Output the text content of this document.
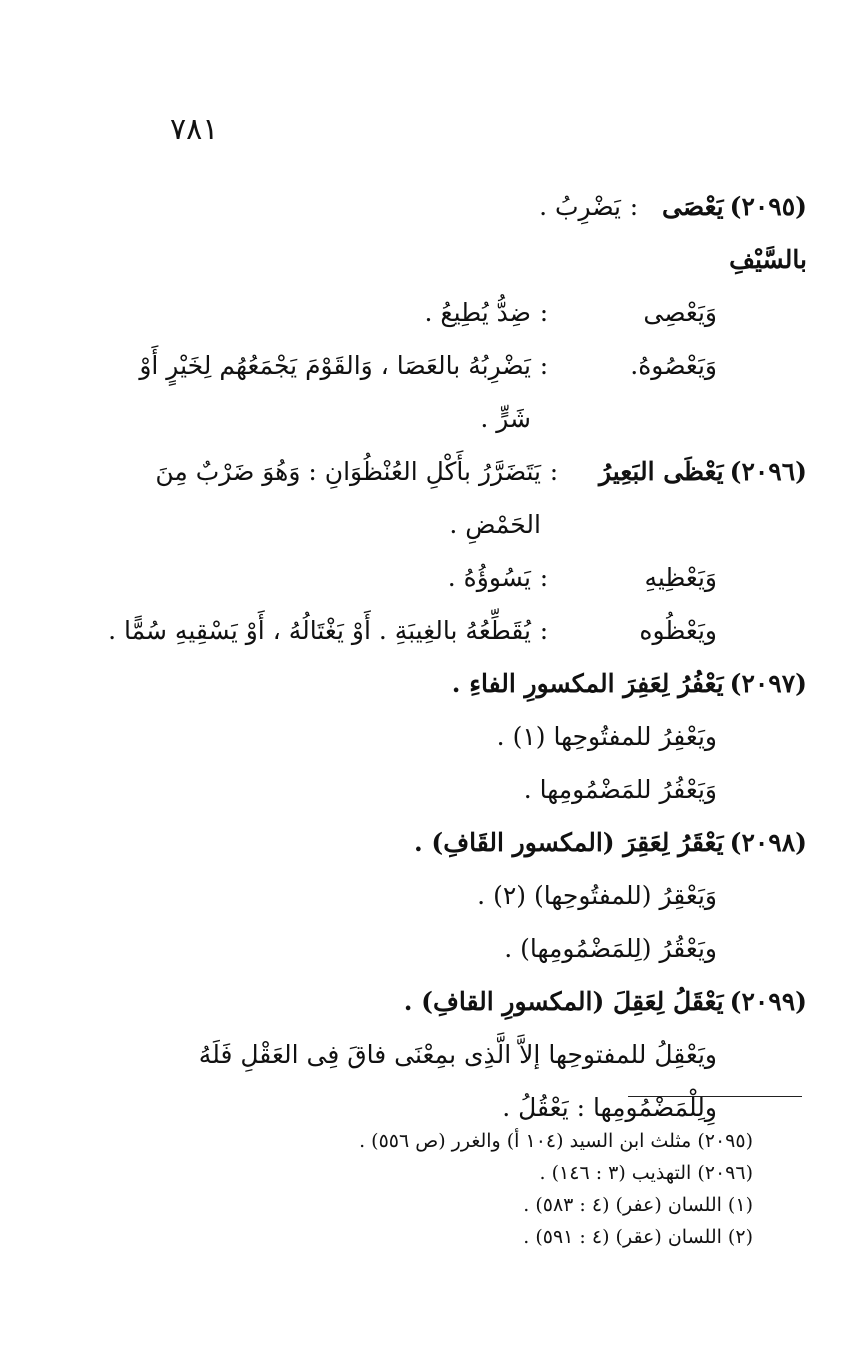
٧٨١
(٢٠٩٥)يَعْصَى بالسَّيْفِ
:
يَضْرِبُ .
وَيَعْصِى
:
ضِدُّ يُطِيعُ .
وَيَعْصُوهُ.
:
يَضْرِبُهُ بالعَصَا ، وَالقَوْمَ يَجْمَعُهُم لِخَيْرٍ أَوْ شَرٍّ .
(٢٠٩٦)يَعْظَى البَعِيرُ
:
يَتَضَرَّرُ بأَكْلِ العُنْظُوَانِ : وَهُوَ ضَرْبٌ مِنَ الحَمْضِ .
وَيَعْظِيهِ
:
يَسُوؤُهُ .
ويَعْظُوه
:
يُقَطِّعُهُ بالغِيبَةِ . أَوْ يَغْتَالُهُ ، أَوْ يَسْقِيهِ سُمًّا .
(٢٠٩٧)يَعْفُرُ لِعَفِرَ المكسورِ الفاءِ .
ويَعْفِرُ للمفتُوحِها (١) .
وَيَعْفُرُ للمَضْمُومِها .
(٢٠٩٨)يَعْقَرُ لِعَقِرَ (المكسور القَافِ) .
وَيَعْقِرُ (للمفتُوحِها) (٢) .
ويَعْقُرُ (لِلمَضْمُومِها) .
(٢٠٩٩)يَعْقَلُ لِعَقِلَ (المكسورِ القافِ) .
ويَعْقِلُ للمفتوحِها إلاَّ الَّذِى بمِعْنَى فاقَ فِى العَقْلِ فَلَهُ وِلِلْمَضْمُومِها : يَعْقُلُ .
(٢٠٩٥) مثلث ابن السيد (١٠٤ أ) والغرر (ص ٥٥٦) .
(٢٠٩٦) التهذيب (٣ : ١٤٦) .
(١) اللسان (عفر) (٤ : ٥٨٣) .
(٢) اللسان (عقر) (٤ : ٥٩١) .
